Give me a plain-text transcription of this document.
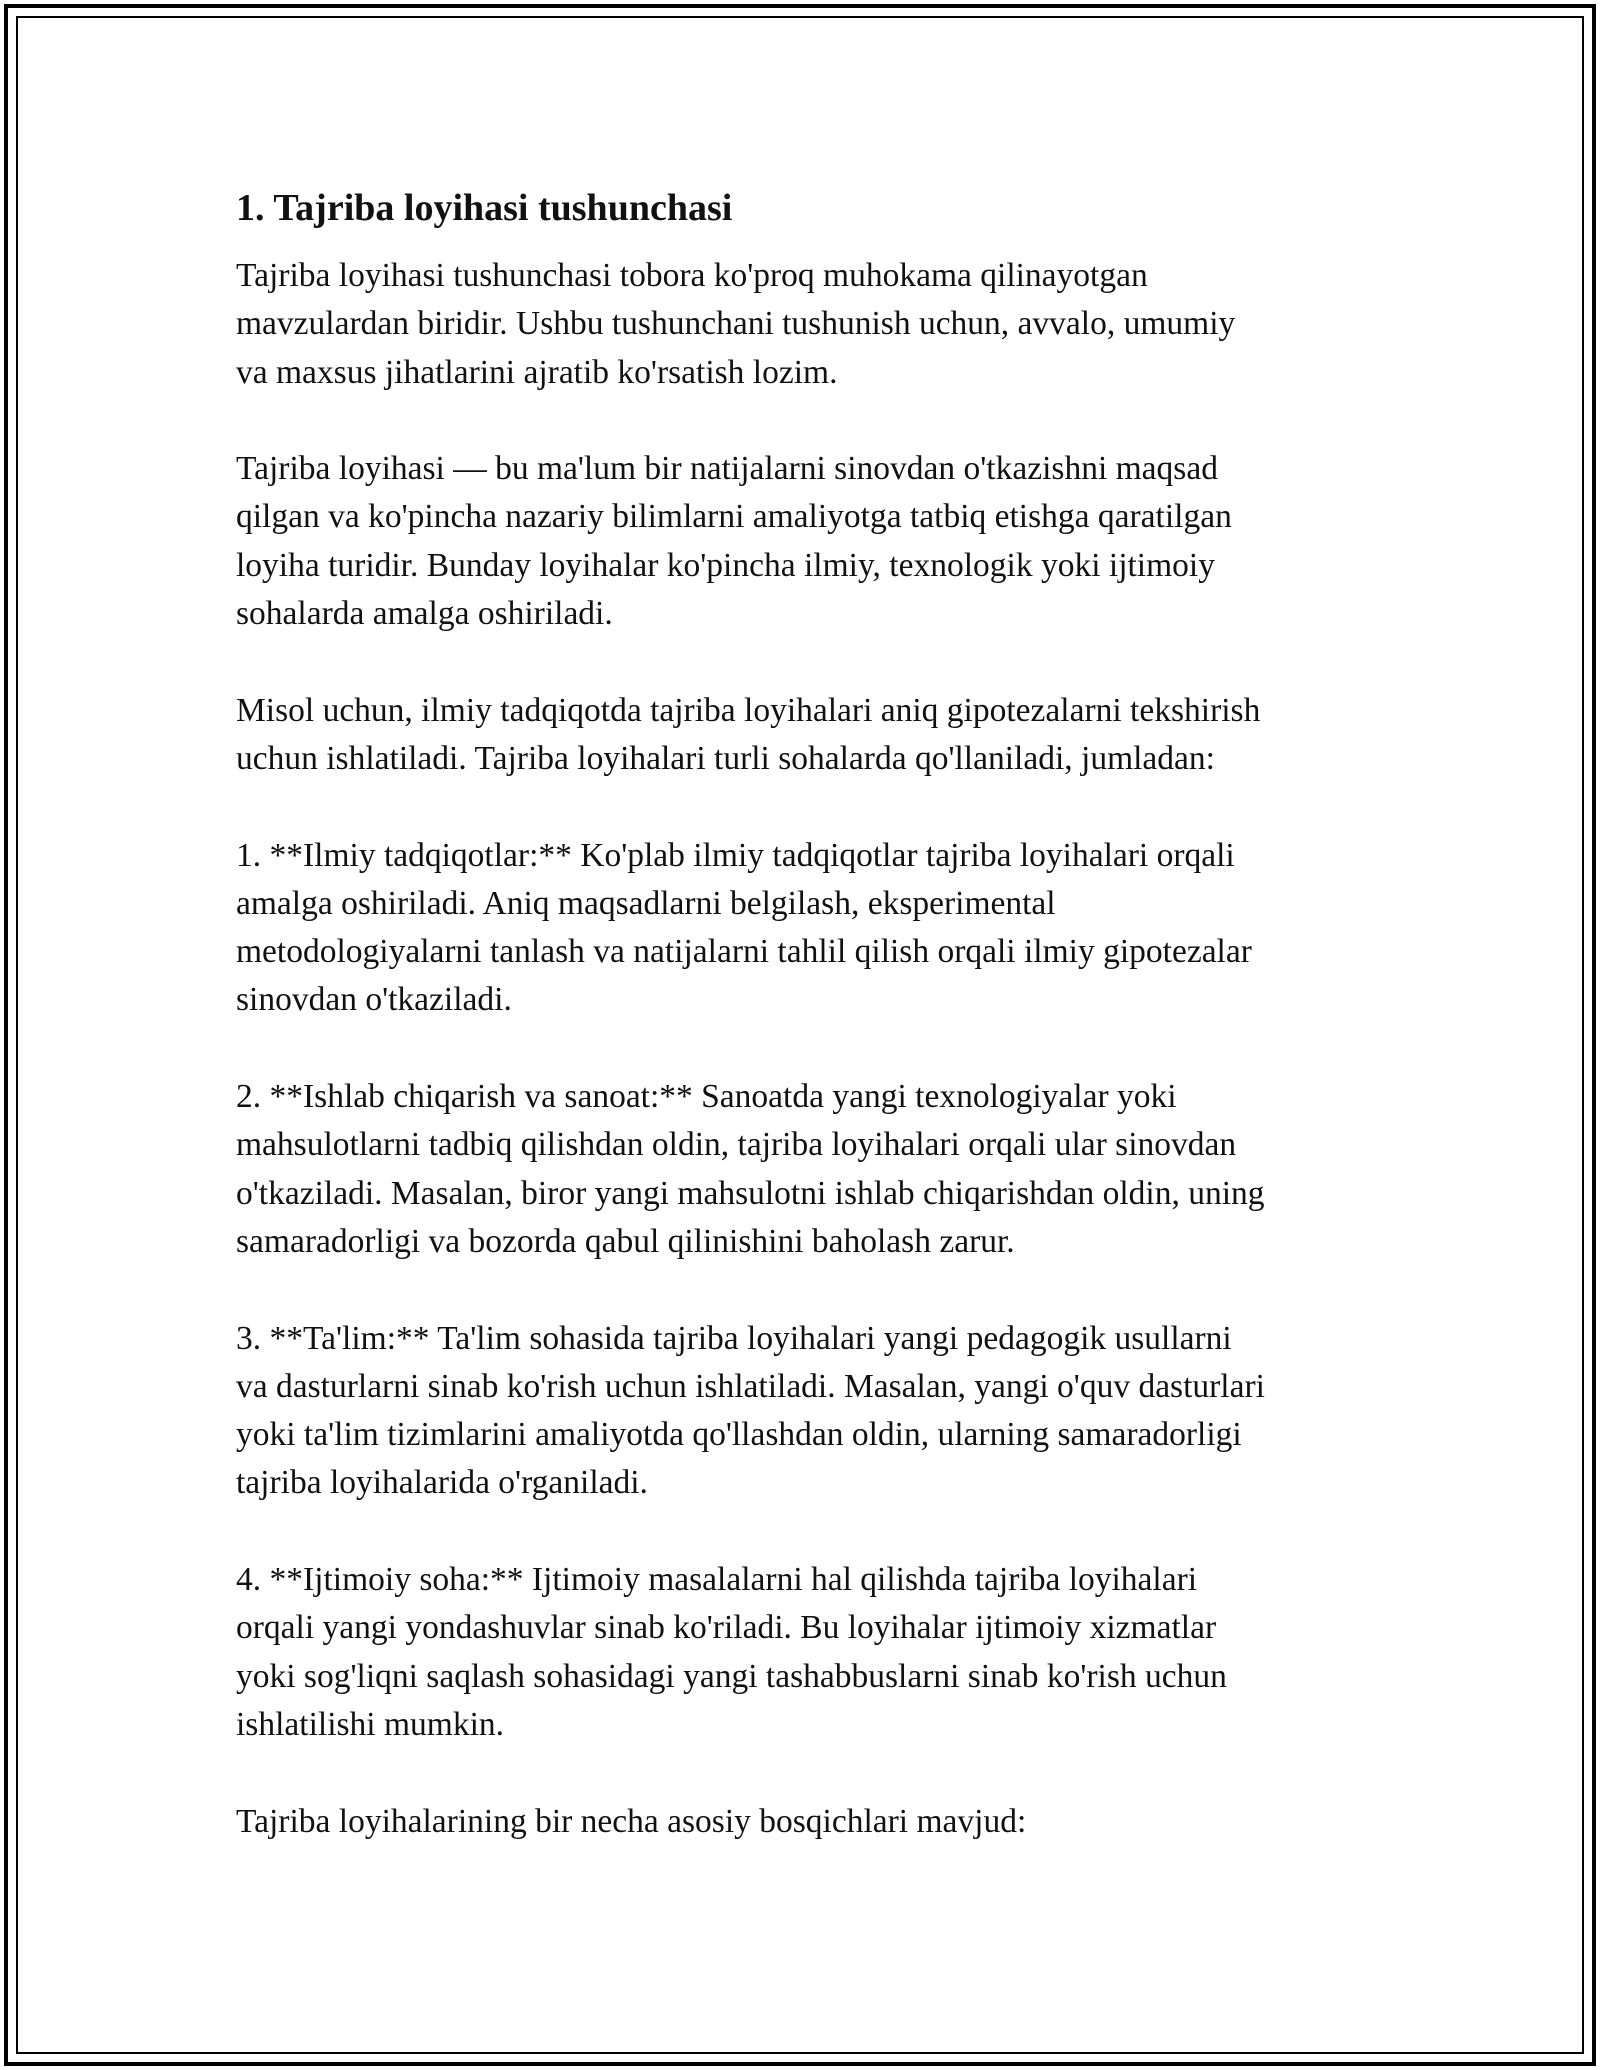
1. Tajriba loyihasi tushunchasi

Tajriba loyihasi tushunchasi tobora ko'proq muhokama qilinayotgan
mavzulardan biridir. Ushbu tushunchani tushunish uchun, avvalo, umumiy
va maxsus jihatlarini ajratib ko'rsatish lozim.

Tajriba loyihasi — bu ma'lum bir natijalarni sinovdan o'tkazishni maqsad
qilgan va ko'pincha nazariy bilimlarni amaliyotga tatbiq etishga qaratilgan
loyiha turidir. Bunday loyihalar ko'pincha ilmiy, texnologik yoki ijtimoiy
sohalarda amalga oshiriladi.

Misol uchun, ilmiy tadqiqotda tajriba loyihalari aniq gipotezalarni tekshirish
uchun ishlatiladi. Tajriba loyihalari turli sohalarda qo'llaniladi, jumladan:

1. **Ilmiy tadqiqotlar:** Ko'plab ilmiy tadqiqotlar tajriba loyihalari orqali
amalga oshiriladi. Aniq maqsadlarni belgilash, eksperimental
metodologiyalarni tanlash va natijalarni tahlil qilish orqali ilmiy gipotezalar
sinovdan o'tkaziladi.

2. **Ishlab chiqarish va sanoat:** Sanoatda yangi texnologiyalar yoki
mahsulotlarni tadbiq qilishdan oldin, tajriba loyihalari orqali ular sinovdan
o'tkaziladi. Masalan, biror yangi mahsulotni ishlab chiqarishdan oldin, uning
samaradorligi va bozorda qabul qilinishini baholash zarur.

3. **Ta'lim:** Ta'lim sohasida tajriba loyihalari yangi pedagogik usullarni
va dasturlarni sinab ko'rish uchun ishlatiladi. Masalan, yangi o'quv dasturlari
yoki ta'lim tizimlarini amaliyotda qo'llashdan oldin, ularning samaradorligi
tajriba loyihalarida o'rganiladi.

4. **Ijtimoiy soha:** Ijtimoiy masalalarni hal qilishda tajriba loyihalari
orqali yangi yondashuvlar sinab ko'riladi. Bu loyihalar ijtimoiy xizmatlar
yoki sog'liqni saqlash sohasidagi yangi tashabbuslarni sinab ko'rish uchun
ishlatilishi mumkin.

Tajriba loyihalarining bir necha asosiy bosqichlari mavjud:
